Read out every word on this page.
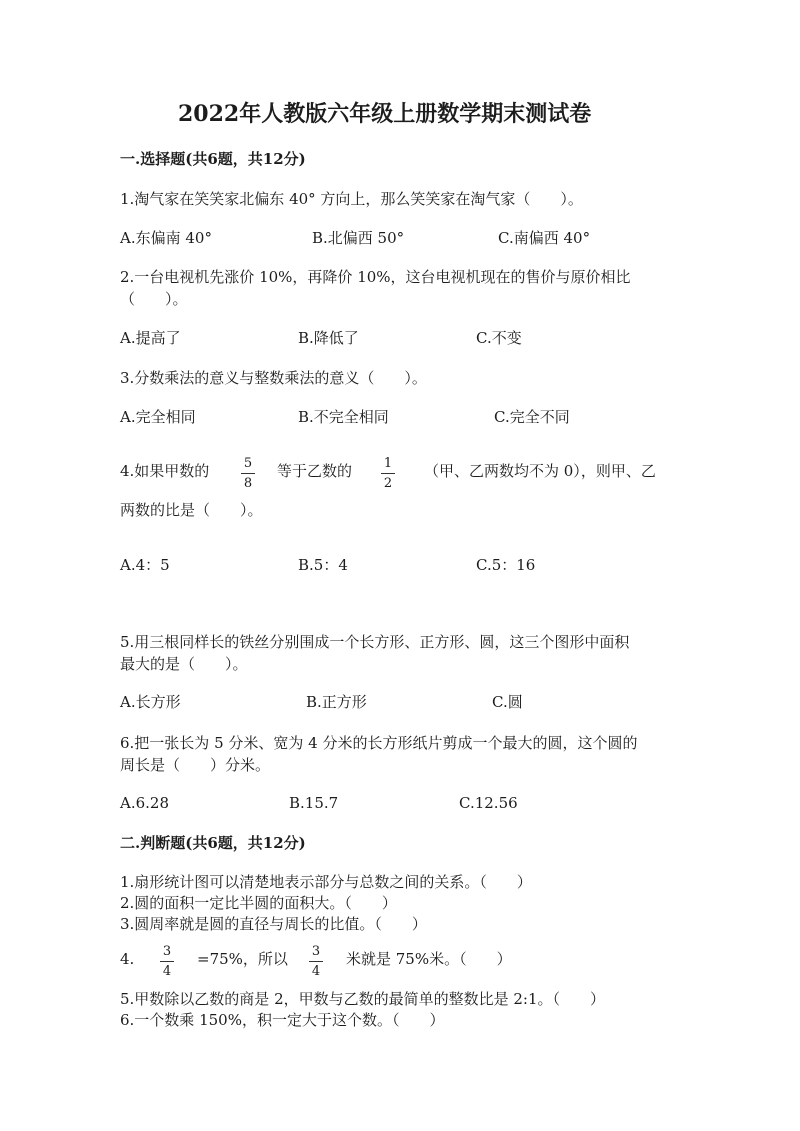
2022年人教版六年级上册数学期末测试卷
一.选择题(共6题，共12分)
1.淘气家在笑笑家北偏东 40° 方向上，那么笑笑家在淘气家（　　）。
A.东偏南 40°	B.北偏西 50°	C.南偏西 40°
2.一台电视机先涨价 10%，再降价 10%，这台电视机现在的售价与原价相比
（　　）。
A.提高了	B.降低了	C.不变
3.分数乘法的意义与整数乘法的意义（　　）。
A.完全相同	B.不完全相同	C.完全不同
4.如果甲数的	5
8
等于乙数的 1
2
（甲、乙两数均不为 0），则甲、乙
两数的比是（　　）。
A.4：5	B.5：4	C.5：16
5.用三根同样长的铁丝分别围成一个长方形、正方形、圆，这三个图形中面积
最大的是（　　）。
A.长方形	B.正方形	C.圆
6.把一张长为 5 分米、宽为 4 分米的长方形纸片剪成一个最大的圆，这个圆的
周长是（　　）分米。
A.6.28	B.15.7	C.12.56
二.判断题(共6题，共12分)
1.扇形统计图可以清楚地表示部分与总数之间的关系。（　　）
2.圆的面积一定比半圆的面积大。（　　）
3.圆周率就是圆的直径与周长的比值。（　　）
4. 3
4
=75%，所以 3
4
米就是 75%米。（　　）
5.甲数除以乙数的商是 2，甲数与乙数的最简单的整数比是 2:1。（　　）
6.一个数乘 150%，积一定大于这个数。（　　）
